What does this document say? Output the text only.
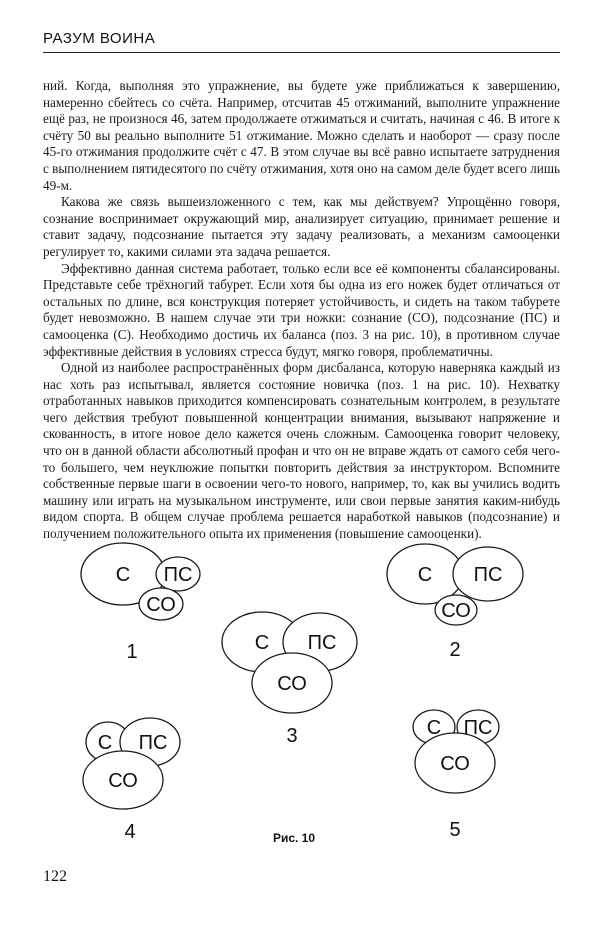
РАЗУМ ВОИНА

ний. Когда, выполняя это упражнение, вы будете уже приближаться к завершению, намеренно сбейтесь со счёта. Например, отсчитав 45 отжиманий, выполните упражнение ещё раз, не произнося 46, затем продолжаете отжиматься и считать, начиная с 46. В итоге к счёту 50 вы реально выполните 51 отжимание. Можно сделать и наоборот — сразу после 45-го отжимания продолжите счёт с 47. В этом случае вы всё равно испытаете затруднения с выполнением пятидесятого по счёту отжимания, хотя оно на самом деле будет всего лишь 49-м.

Какова же связь вышеизложенного с тем, как мы действуем? Упрощённо говоря, сознание воспринимает окружающий мир, анализирует ситуацию, принимает решение и ставит задачу, подсознание пытается эту задачу реализовать, а механизм самооценки регулирует то, какими силами эта задача решается.

Эффективно данная система работает, только если все её компоненты сбалансированы. Представьте себе трёхногий табурет. Если хотя бы одна из его ножек будет отличаться от остальных по длине, вся конструкция потеряет устойчивость, и сидеть на таком табурете будет невозможно. В нашем случае эти три ножки: сознание (СО), подсознание (ПС) и самооценка (С). Необходимо достичь их баланса (поз. 3 на рис. 10), в противном случае эффективные действия в условиях стресса будут, мягко говоря, проблематичны.

Одной из наиболее распространённых форм дисбаланса, которую наверняка каждый из нас хоть раз испытывал, является состояние новичка (поз. 1 на рис. 10). Нехватку отработанных навыков приходится компенсировать сознательным контролем, в результате чего действия требуют повышенной концентрации внимания, вызывают напряжение и скованность, в итоге новое дело кажется очень сложным. Самооценка говорит человеку, что он в данной области абсолютный профан и что он не вправе ждать от самого себя чего-то большего, чем неуклюжие попытки повторить действия за инструктором. Вспомните собственные первые шаги в освоении чего-то нового, например, то, как вы учились водить машину или играть на музыкальном инструменте, или свои первые занятия каким-нибудь видом спорта. В общем случае проблема решается наработкой навыков (подсознание) и получением положительного опыта их применения (повышение самооценки).

С ПС
СО
1
С ПС
СО
2
С ПС
СО
3
С ПС
СО
4
С ПС
СО
5
Рис. 10
122
